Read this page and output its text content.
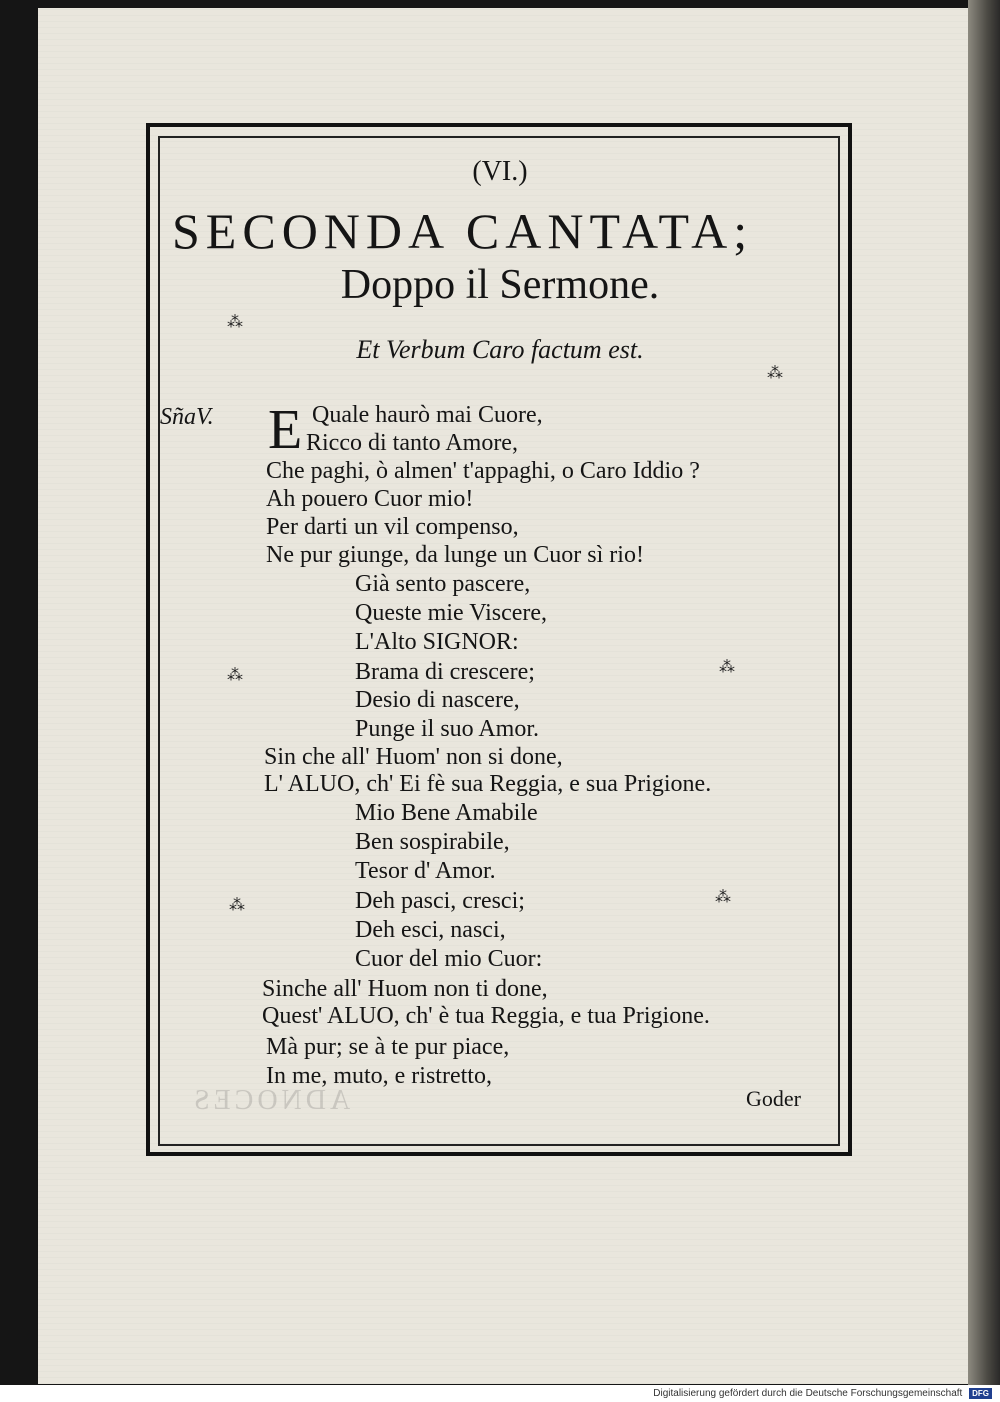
ADNOCES
(VI.)
SECONDA CANTATA;
Doppo il Sermone.
Et Verbum Caro factum est.
⁂
⁂
⁂	⁂
⁂	⁂
SñaV. E Quale haurò mai Cuore,
Ricco di tanto Amore,
Che paghi, ò almen' t'appaghi, o Caro Iddio ?
Ah pouero Cuor mio!
Per darti un vil compenso,
Ne pur giunge, da lunge un Cuor sì rio!
Già sento pascere,
Queste mie Viscere,
L'Alto SIGNOR:
Brama di crescere;
Desio di nascere,
Punge il suo Amor.
Sin che all' Huom' non si done,
L' ALUO, ch' Ei fè sua Reggia, e sua Prigione.
Mio Bene Amabile
Ben sospirabile,
Tesor d' Amor.
Deh pasci, cresci;
Deh esci, nasci,
Cuor del mio Cuor:
Sinche all' Huom non ti done,
Quest' ALUO, ch' è tua Reggia, e tua Prigione.
Mà pur; se à te pur piace,
In me, muto, e ristretto,
Goder
Digitalisierung gefördert durch die Deutsche Forschungsgemeinschaft DFG
